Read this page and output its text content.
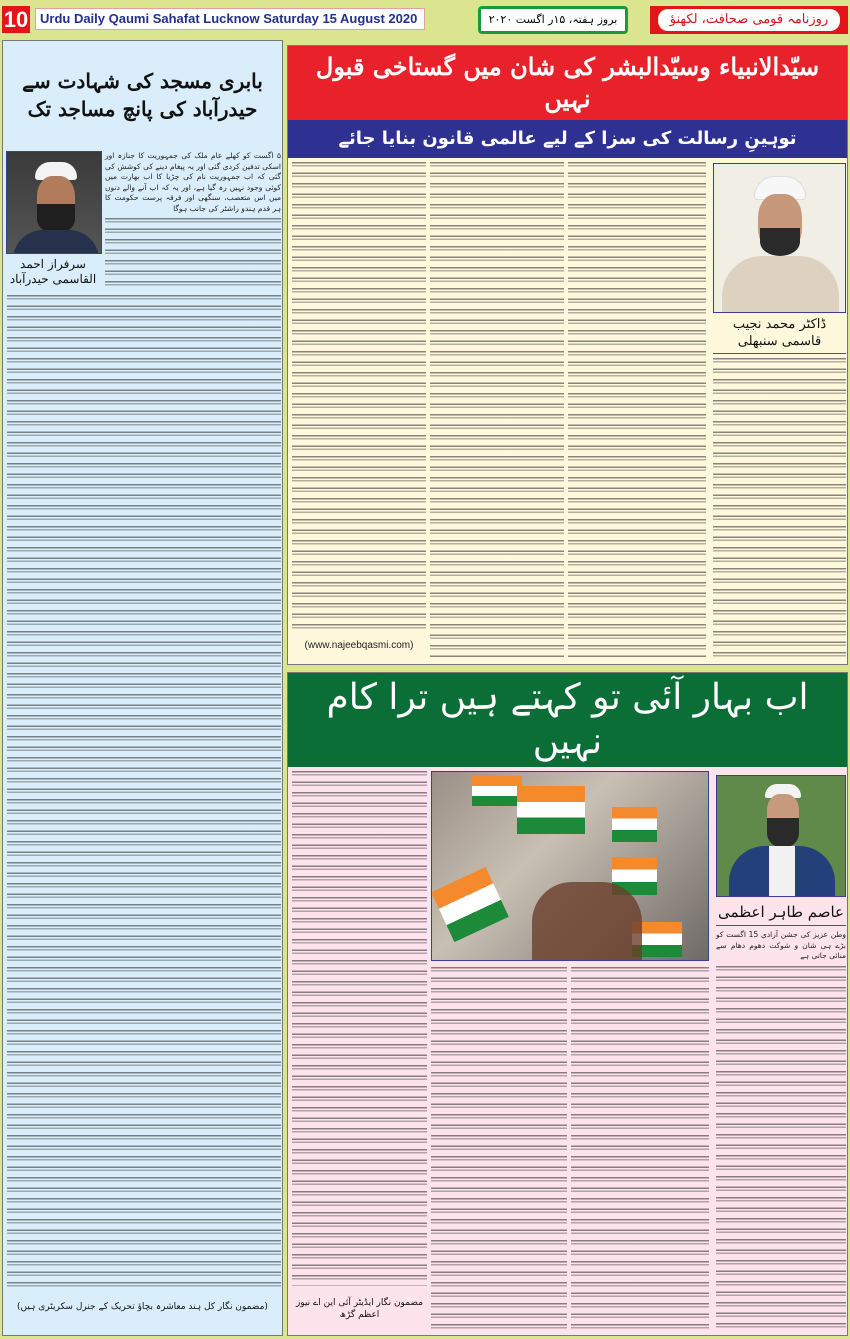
10 Urdu Daily Qaumi Sahafat Lucknow Saturday 15 August 2020	بروز ہفتہ، ۱۵ر اگست ۲۰۲۰	روزنامہ قومی صحافت، لکھنؤ
بابری مسجد کی شہادت سے
حیدرآباد کی پانچ مساجد تک
سرفراز احمد القاسمی حیدرآباد
۵ اگست کو کھلے عام ملک کی جمہوریت کا جنازہ اور اسکی تدفین کردی گئی اور یہ پیغام دینے کی کوشش کی گئی کہ اب جمہوریت نام کی چڑیا کا اب بھارت میں کوئی وجود نہیں رہ گیا ہے، اور یہ کہ اب آنے والے دنوں میں اس متعصب، سنگھی اور فرقہ پرست حکومت کا ہر قدم ہندو راشٹر کی جانب ہوگا
(مضمون نگار کل ہند معاشرہ بچاؤ تحریک کے جنرل سکریٹری ہیں)
سیّدالانبیاء وسیّدالبشر کی شان میں گستاخی قبول نہیں
توہینِ رسالت کی سزا کے لیے عالمی قانون بنایا جائے
ڈاکٹر محمد نجیب قاسمی سنبھلی
(www.najeebqasmi.com)
اب بہار آئی تو کہتے ہیں ترا کام نہیں
عاصم طاہر اعظمی
وطن عزیز کی جشن آزادی 15 اگست کو بڑے ہی شان و شوکت دھوم دھام سے منائی جاتی ہے
مضمون نگار ایڈیٹر آئی این اے نیوز اعظم گڑھ
